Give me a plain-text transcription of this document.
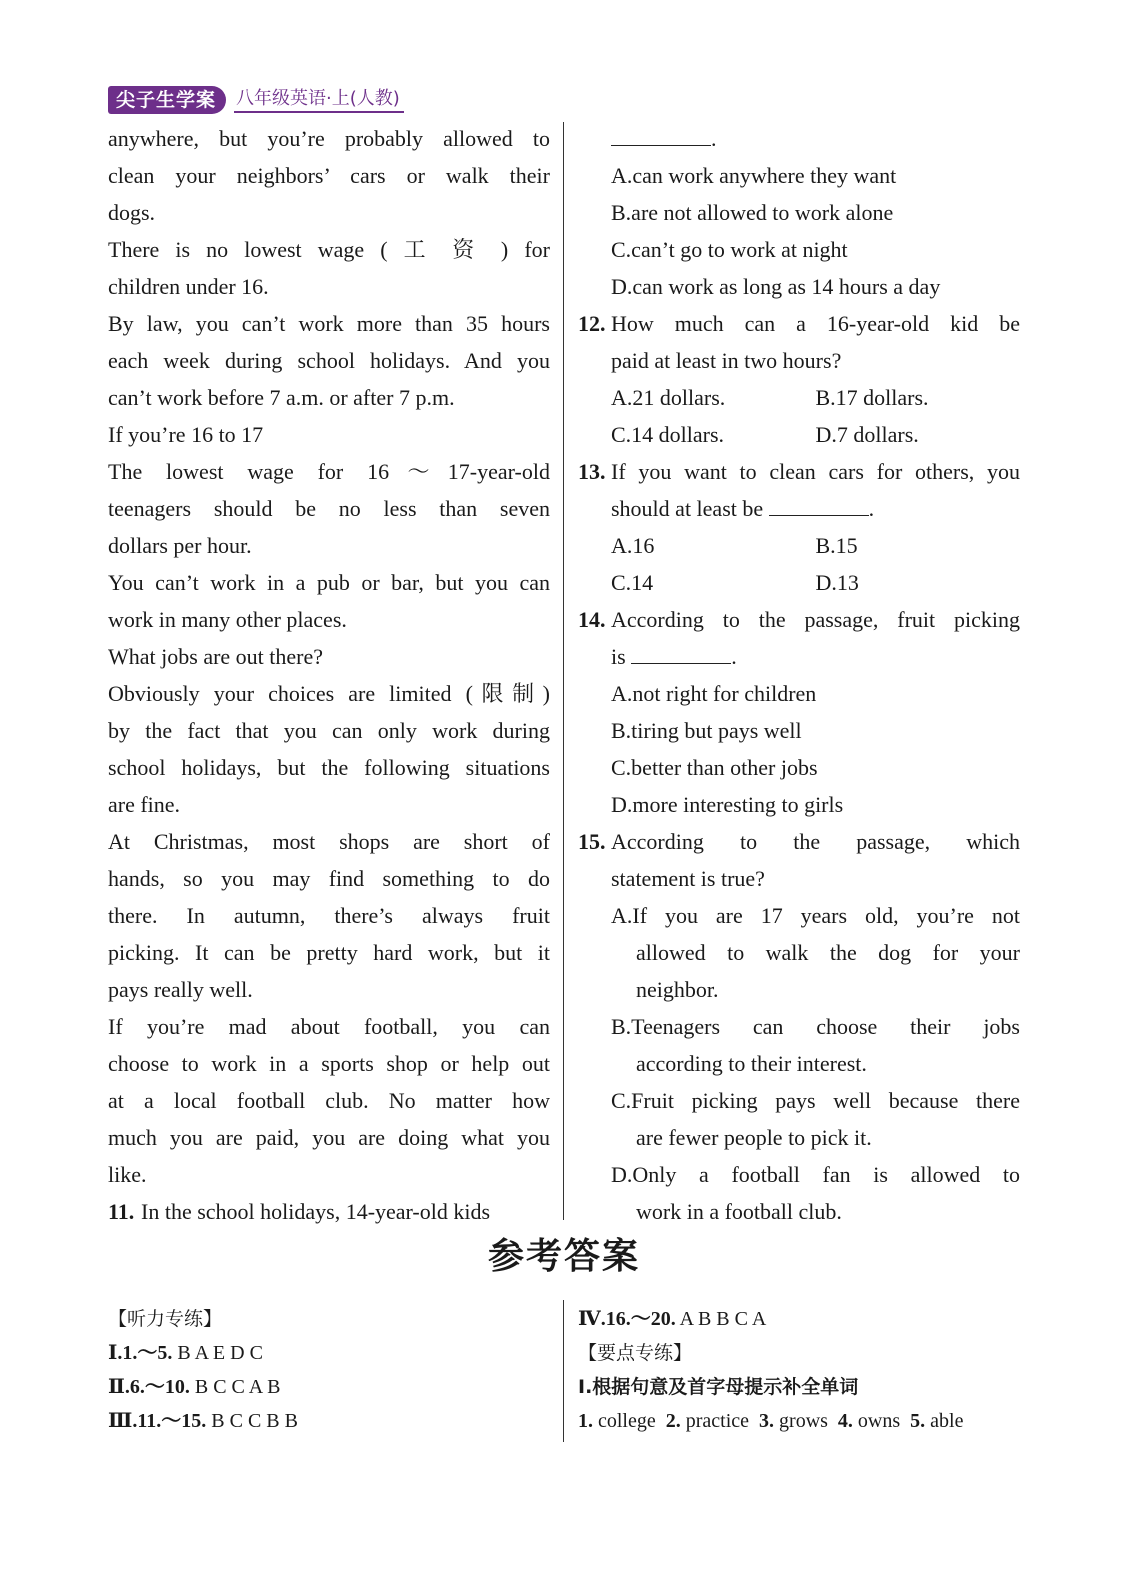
尖子生学案	八年级英语·上(人教)

anywhere, but you’re probably allowed to

clean your neighbors’ cars or walk their

dogs.

There is no lowest wage ( 工 资 ) for

children under 16.

By law, you can’t work more than 35 hours

each week during school holidays. And you

can’t work before 7 a.m. or after 7 p.m.

If you’re 16 to 17

The lowest wage for 16～17-year-old

teenagers should be no less than seven

dollars per hour.

You can’t work in a pub or bar, but you can

work in many other places.

What jobs are out there?

Obviously your choices are limited (限制)

by the fact that you can only work during

school holidays, but the following situations

are fine.

At Christmas, most shops are short of

hands, so you may find something to do

there. In autumn, there’s always fruit

picking. It can be pretty hard work, but it

pays really well.

If you’re mad about football, you can

choose to work in a sports shop or help out

at a local football club. No matter how

much you are paid, you are doing what you

like.

11. In the school holidays, 14-year-old kids

.

A.can work anywhere they want

B.are not allowed to work alone

C.can’t go to work at night

D.can work as long as 14 hours a day

12. How much can a 16-year-old kid be

paid at least in two hours?

A.21 dollars.	B.17 dollars.
C.14 dollars.	D.7 dollars.
13. If you want to clean cars for others, you

should at least be	.

A.16	B.15
C.14	D.13
14. According to the passage, fruit picking

is	.

A.not right for children

B.tiring but pays well

C.better than other jobs

D.more interesting to girls

15. According to the passage, which

statement is true?

A.If you are 17 years old, you’re not

allowed to walk the dog for your

neighbor.

B.Teenagers can choose their jobs

according to their interest.

C.Fruit picking pays well because there

are fewer people to pick it.

D.Only a football fan is allowed to

work in a football club.

参考答案

【听力专练】

Ⅰ.1.～5. B A E D C

Ⅱ.6.～10. B C C A B

Ⅲ.11.～15. B C C B B

Ⅳ.16.～20. A B B C A

【要点专练】

Ⅰ.根据句意及首字母提示补全单词

1. college 2. practice 3. grows 4. owns 5. able
